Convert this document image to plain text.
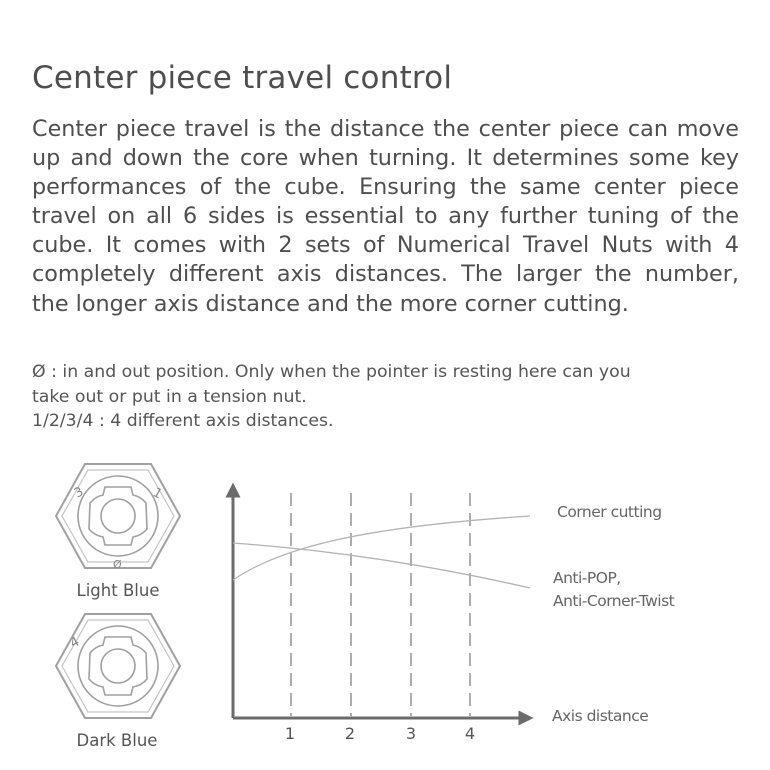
Center piece travel control

Center piece travel is the distance the center piece can move up and down the core when turning. It determines some key performances of the cube. Ensuring the same center piece travel on all 6 sides is essential to any further tuning of the cube. It comes with 2 sets of Numerical Travel Nuts with 4 completely different axis distances. The larger the number, the longer axis distance and the more corner cutting.

Ø : in and out position. Only when the pointer is resting here can you
take out or put in a tension nut.
1/2/3/4 : 4 different axis distances.
3	1
Ø
Light Blue
4
Dark Blue	1	2	3	4
Corner cutting
Anti-POP,
Anti-Corner-Twist
Axis distance
